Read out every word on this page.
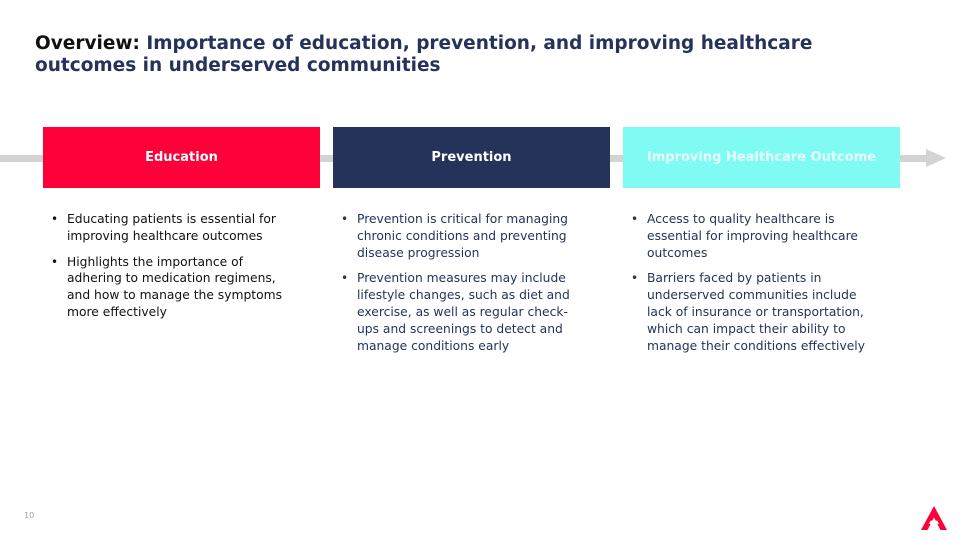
Overview: Importance of education, prevention, and improving healthcare outcomes in underserved communities
Education	Prevention	Improving Healthcare Outcome
• Educating patients is essential for improving healthcare outcomes
• Highlights the importance of adhering to medication regimens, and how to manage the symptoms more effectively
• Prevention is critical for managing chronic conditions and preventing disease progression
• Prevention measures may include lifestyle changes, such as diet and exercise, as well as regular check-ups and screenings to detect and manage conditions early
• Access to quality healthcare is essential for improving healthcare outcomes
• Barriers faced by patients in underserved communities include lack of insurance or transportation, which can impact their ability to manage their conditions effectively
10
